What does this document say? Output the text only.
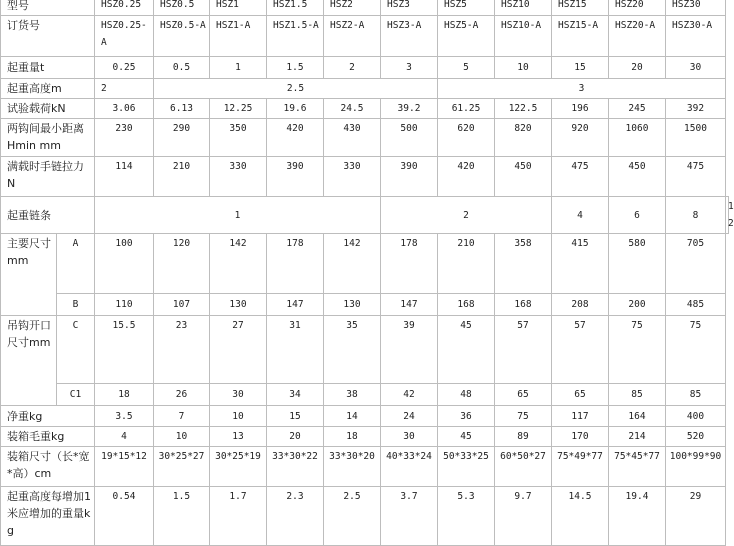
型号		HSZ0.25	HSZ0.5	HSZ1	HSZ1.5	HSZ2	HSZ3	HSZ5	HSZ10	HSZ15	HSZ20	HSZ30	
订货号		HSZ0.25-A	HSZ0.5-A	HSZ1-A	HSZ1.5-A	HSZ2-A	HSZ3-A	HSZ5-A	HSZ10-A	HSZ15-A	HSZ20-A	HSZ30-A	
起重量t		0.25	0.5	1	1.5	2	3	5	10	15	20	30	
起重高度m		2	2.5					3					
试验载荷kN		3.06	6.13	12.25	19.6	24.5	39.2	61.25	122.5	196	245	392	
两钩间最小距离Hmin mm		230	290	350	420	430	500	620	820	920	1060	1500	
满载时手链拉力N		114	210	330	390	330	390	420	450	475	450	475	
起重链条		1					2			4	6	8	12
主要尺寸mm	A	100	120	142	178	142	178	210	358	415	580	705	
	B	110	107	130	147	130	147	168	168	208	200	485	
吊钩开口尺寸mm	C	15.5	23	27	31	35	39	45	57	57	75	75	
	C1	18	26	30	34	38	42	48	65	65	85	85	
净重kg		3.5	7	10	15	14	24	36	75	117	164	400	
装箱毛重kg		4	10	13	20	18	30	45	89	170	214	520	
装箱尺寸（长*宽*高）cm		19*15*12	30*25*27	30*25*19	33*30*22	33*30*20	40*33*24	50*33*25	60*50*27	75*49*77	75*45*77	100*99*90	
起重高度每增加1米应增加的重量kg		0.54	1.5	1.7	2.3	2.5	3.7	5.3	9.7	14.5	19.4	29	
